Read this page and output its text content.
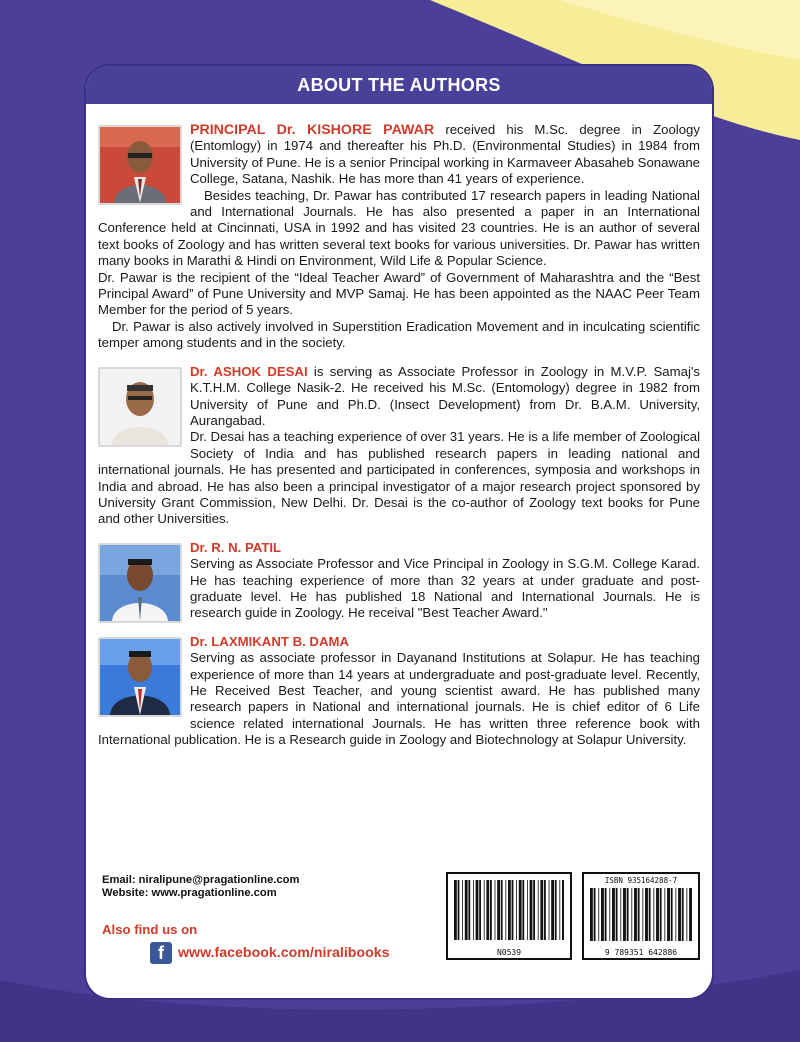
ABOUT THE AUTHORS

PRINCIPAL Dr. KISHORE PAWAR received his M.Sc. degree in Zoology (Entomlogy) in 1974 and thereafter his Ph.D. (Environmental Studies) in 1984 from University of Pune. He is a senior Principal working in Karmaveer Abasaheb Sonawane College, Satana, Nashik. He has more than 41 years of experience.

Besides teaching, Dr. Pawar has contributed 17 research papers in leading National and International Journals. He has also presented a paper in an International Conference held at Cincinnati, USA in 1992 and has visited 23 countries. He is an author of several text books of Zoology and has written several text books for various universities. Dr. Pawar has written many books in Marathi & Hindi on Environment, Wild Life & Popular Science.

Dr. Pawar is the recipient of the “Ideal Teacher Award” of Government of Maharashtra and the “Best Principal Award” of Pune University and MVP Samaj. He has been appointed as the NAAC Peer Team Member for the period of 5 years.

Dr. Pawar is also actively involved in Superstition Eradication Movement and in inculcating scientific temper among students and in the society.

Dr. ASHOK DESAI is serving as Associate Professor in Zoology in M.V.P. Samaj's K.T.H.M. College Nasik-2. He received his M.Sc. (Entomology) degree in 1982 from University of Pune and Ph.D. (Insect Development) from Dr. B.A.M. University, Aurangabad.

Dr. Desai has a teaching experience of over 31 years. He is a life member of Zoological Society of India and has published research papers in leading national and international journals. He has presented and participated in conferences, symposia and workshops in India and abroad. He has also been a principal investigator of a major research project sponsored by University Grant Commission, New Delhi. Dr. Desai is the co-author of Zoology text books for Pune and other Universities.

Dr. R. N. PATIL

Serving as Associate Professor and Vice Principal in Zoology in S.G.M. College Karad. He has teaching experience of more than 32 years at under graduate and post-graduate level. He has published 18 National and International Journals. He is research guide in Zoology. He receival "Best Teacher Award."

Dr. LAXMIKANT B. DAMA

Serving as associate professor in Dayanand Institutions at Solapur. He has teaching experience of more than 14 years at undergraduate and post-graduate level. Recently, He Received Best Teacher, and young scientist award. He has published many research papers in National and international journals. He is chief editor of 6 Life science related international Journals. He has written three reference book with International publication. He is a Research guide in Zoology and Biotechnology at Solapur University.

Email: niralipune@pragationline.com
Website: www.pragationline.com
Also find us on
f www.facebook.com/niralibooks	N0539
ISBN 935164288-7
9 789351 642886
